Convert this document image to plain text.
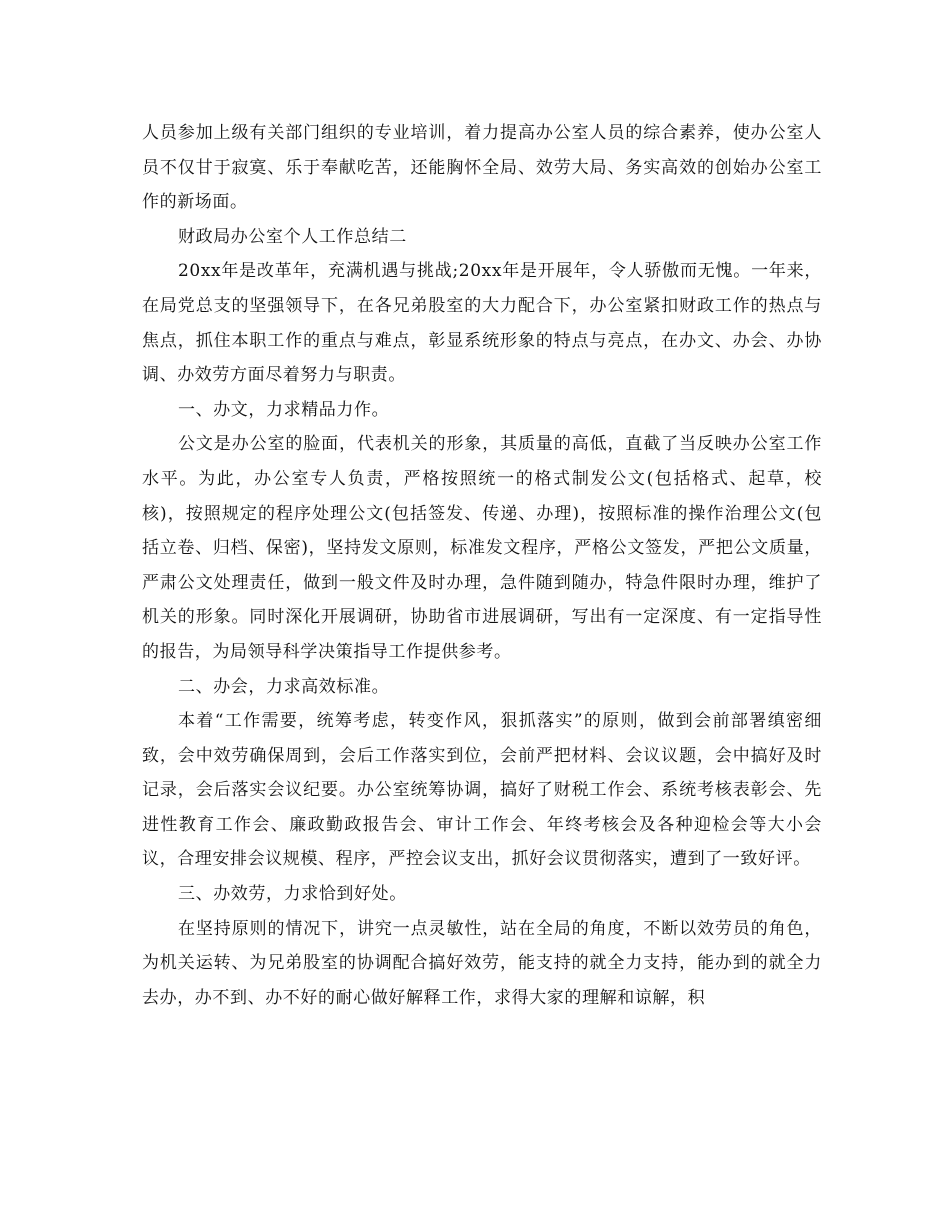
人员参加上级有关部门组织的专业培训，着力提高办公室人员的综合素养，使办公室人员不仅甘于寂寞、乐于奉献吃苦，还能胸怀全局、效劳大局、务实高效的创始办公室工作的新场面。

财政局办公室个人工作总结二

20xx年是改革年，充满机遇与挑战;20xx年是开展年，令人骄傲而无愧。一年来，在局党总支的坚强领导下，在各兄弟股室的大力配合下，办公室紧扣财政工作的热点与焦点，抓住本职工作的重点与难点，彰显系统形象的特点与亮点，在办文、办会、办协调、办效劳方面尽着努力与职责。

一、办文，力求精品力作。

公文是办公室的脸面，代表机关的形象，其质量的高低，直截了当反映办公室工作水平。为此，办公室专人负责，严格按照统一的格式制发公文(包括格式、起草，校核)，按照规定的程序处理公文(包括签发、传递、办理)，按照标准的操作治理公文(包括立卷、归档、保密)，坚持发文原则，标准发文程序，严格公文签发，严把公文质量，严肃公文处理责任，做到一般文件及时办理，急件随到随办，特急件限时办理，维护了机关的形象。同时深化开展调研，协助省市进展调研，写出有一定深度、有一定指导性的报告，为局领导科学决策指导工作提供参考。

二、办会，力求高效标准。

本着“工作需要，统筹考虑，转变作风，狠抓落实”的原则，做到会前部署缜密细致，会中效劳确保周到，会后工作落实到位，会前严把材料、会议议题，会中搞好及时记录，会后落实会议纪要。办公室统筹协调，搞好了财税工作会、系统考核表彰会、先进性教育工作会、廉政勤政报告会、审计工作会、年终考核会及各种迎检会等大小会议，合理安排会议规模、程序，严控会议支出，抓好会议贯彻落实，遭到了一致好评。

三、办效劳，力求恰到好处。

在坚持原则的情况下，讲究一点灵敏性，站在全局的角度，不断以效劳员的角色，为机关运转、为兄弟股室的协调配合搞好效劳，能支持的就全力支持，能办到的就全力去办，办不到、办不好的耐心做好解释工作，求得大家的理解和谅解，积
